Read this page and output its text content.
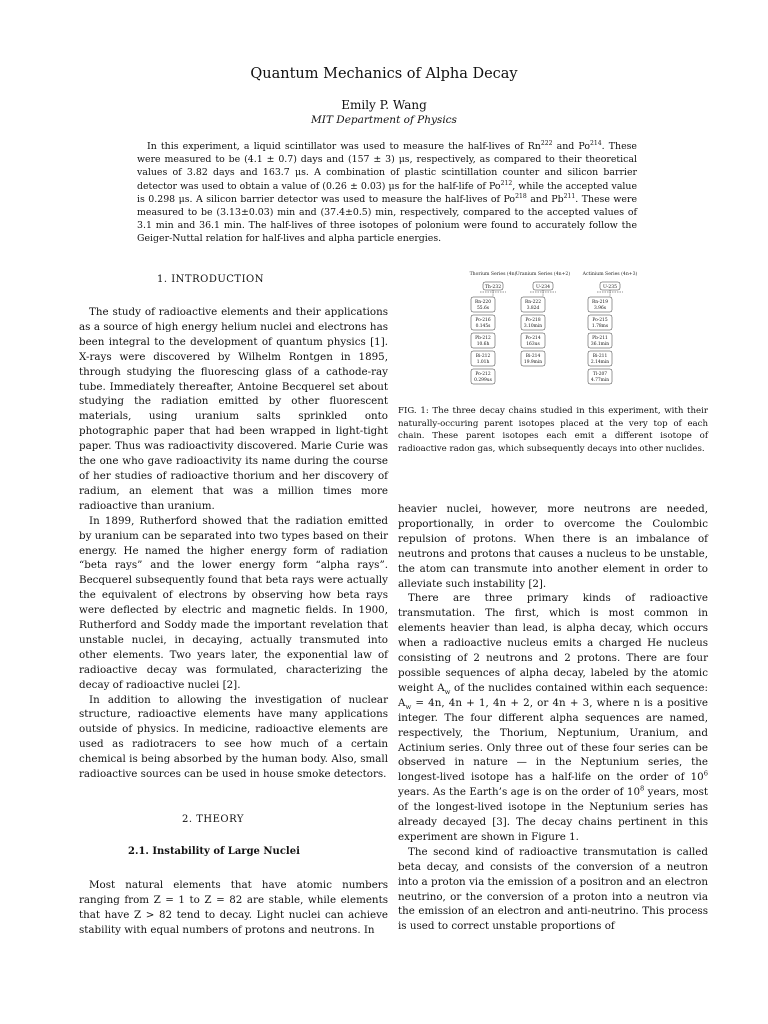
Quantum Mechanics of Alpha Decay
Emily P. Wang
MIT Department of Physics
In this experiment, a liquid scintillator was used to measure the half-lives of Rn$^{222}$ and Po$^{214}$. These were measured to be (4.1 ± 0.7) days and (157 ± 3) μs, respectively, as compared to their theoretical values of 3.82 days and 163.7 μs. A combination of plastic scintillation counter and silicon barrier detector was used to obtain a value of (0.26 ± 0.03) μs for the half-life of Po$^{212}$, while the accepted value is 0.298 μs. A silicon barrier detector was used to measure the half-lives of Po$^{218}$ and Pb$^{211}$. These were measured to be (3.13±0.03) min and (37.4±0.5) min, respectively, compared to the accepted values of 3.1 min and 36.1 min. The half-lives of three isotopes of polonium were found to accurately follow the Geiger-Nuttal relation for half-lives and alpha particle energies.
1. INTRODUCTION

The study of radioactive elements and their applications as a source of high energy helium nuclei and electrons has been integral to the development of quantum physics [1]. X-rays were discovered by Wilhelm Rontgen in 1895, through studying the fluorescing glass of a cathode-ray tube. Immediately thereafter, Antoine Becquerel set about studying the radiation emitted by other fluorescent materials, using uranium salts sprinkled onto photographic paper that had been wrapped in light-tight paper. Thus was radioactivity discovered. Marie Curie was the one who gave radioactivity its name during the course of her studies of radioactive thorium and her discovery of radium, an element that was a million times more radioactive than uranium.

In 1899, Rutherford showed that the radiation emitted by uranium can be separated into two types based on their energy. He named the higher energy form of radiation “beta rays” and the lower energy form “alpha rays”. Becquerel subsequently found that beta rays were actually the equivalent of electrons by observing how beta rays were deflected by electric and magnetic fields. In 1900, Rutherford and Soddy made the important revelation that unstable nuclei, in decaying, actually transmuted into other elements. Two years later, the exponential law of radioactive decay was formulated, characterizing the decay of radioactive nuclei [2].

In addition to allowing the investigation of nuclear structure, radioactive elements have many applications outside of physics. In medicine, radioactive elements are used as radiotracers to see how much of a certain chemical is being absorbed by the human body. Also, small radioactive sources can be used in house smoke detectors.

2. THEORY
2.1. Instability of Large Nuclei

Most natural elements that have atomic numbers ranging from Z = 1 to Z = 82 are stable, while elements that have Z > 82 tend to decay. Light nuclei can achieve stability with equal numbers of protons and neutrons. In

Thorium Series (4n)
Th-232
Rn-220
55.6s
Po-216
0.145s
Pb-212
10.6h
Bi-212
1.01h
Po-212
0.299us
Uranium Series (4n+2)
U-234
Rn-222
3.82d
Po-218
3.10min
Po-214
163us
Bi-214
19.9min
Actinium Series (4n+3)
U-235
Rn-219
3.96s
Po-215
1.78ms
Pb-211
36.1min
Bi-211
2.14min
Tl-207
4.77min
FIG. 1: The three decay chains studied in this experiment, with their naturally-occuring parent isotopes placed at the very top of each chain. These parent isotopes each emit a different isotope of radioactive radon gas, which subsequently decays into other nuclides.

heavier nuclei, however, more neutrons are needed, proportionally, in order to overcome the Coulombic repulsion of protons. When there is an imbalance of neutrons and protons that causes a nucleus to be unstable, the atom can transmute into another element in order to alleviate such instability [2].

There are three primary kinds of radioactive transmutation. The first, which is most common in elements heavier than lead, is alpha decay, which occurs when a radioactive nucleus emits a charged He nucleus consisting of 2 neutrons and 2 protons. There are four possible sequences of alpha decay, labeled by the atomic weight $A_w$ of the nuclides contained within each sequence: $A_w = 4n$, 4n + 1, 4n + 2, or 4n + 3, where n is a positive integer. The four different alpha sequences are named, respectively, the Thorium, Neptunium, Uranium, and Actinium series. Only three out of these four series can be observed in nature — in the Neptunium series, the longest-lived isotope has a half-life on the order of $10^6$ years. As the Earth’s age is on the order of $10^8$ years, most of the longest-lived isotope in the Neptunium series has already decayed [3]. The decay chains pertinent in this experiment are shown in Figure 1.

The second kind of radioactive transmutation is called beta decay, and consists of the conversion of a neutron into a proton via the emission of a positron and an electron neutrino, or the conversion of a proton into a neutron via the emission of an electron and anti-neutrino. This process is used to correct unstable proportions of
